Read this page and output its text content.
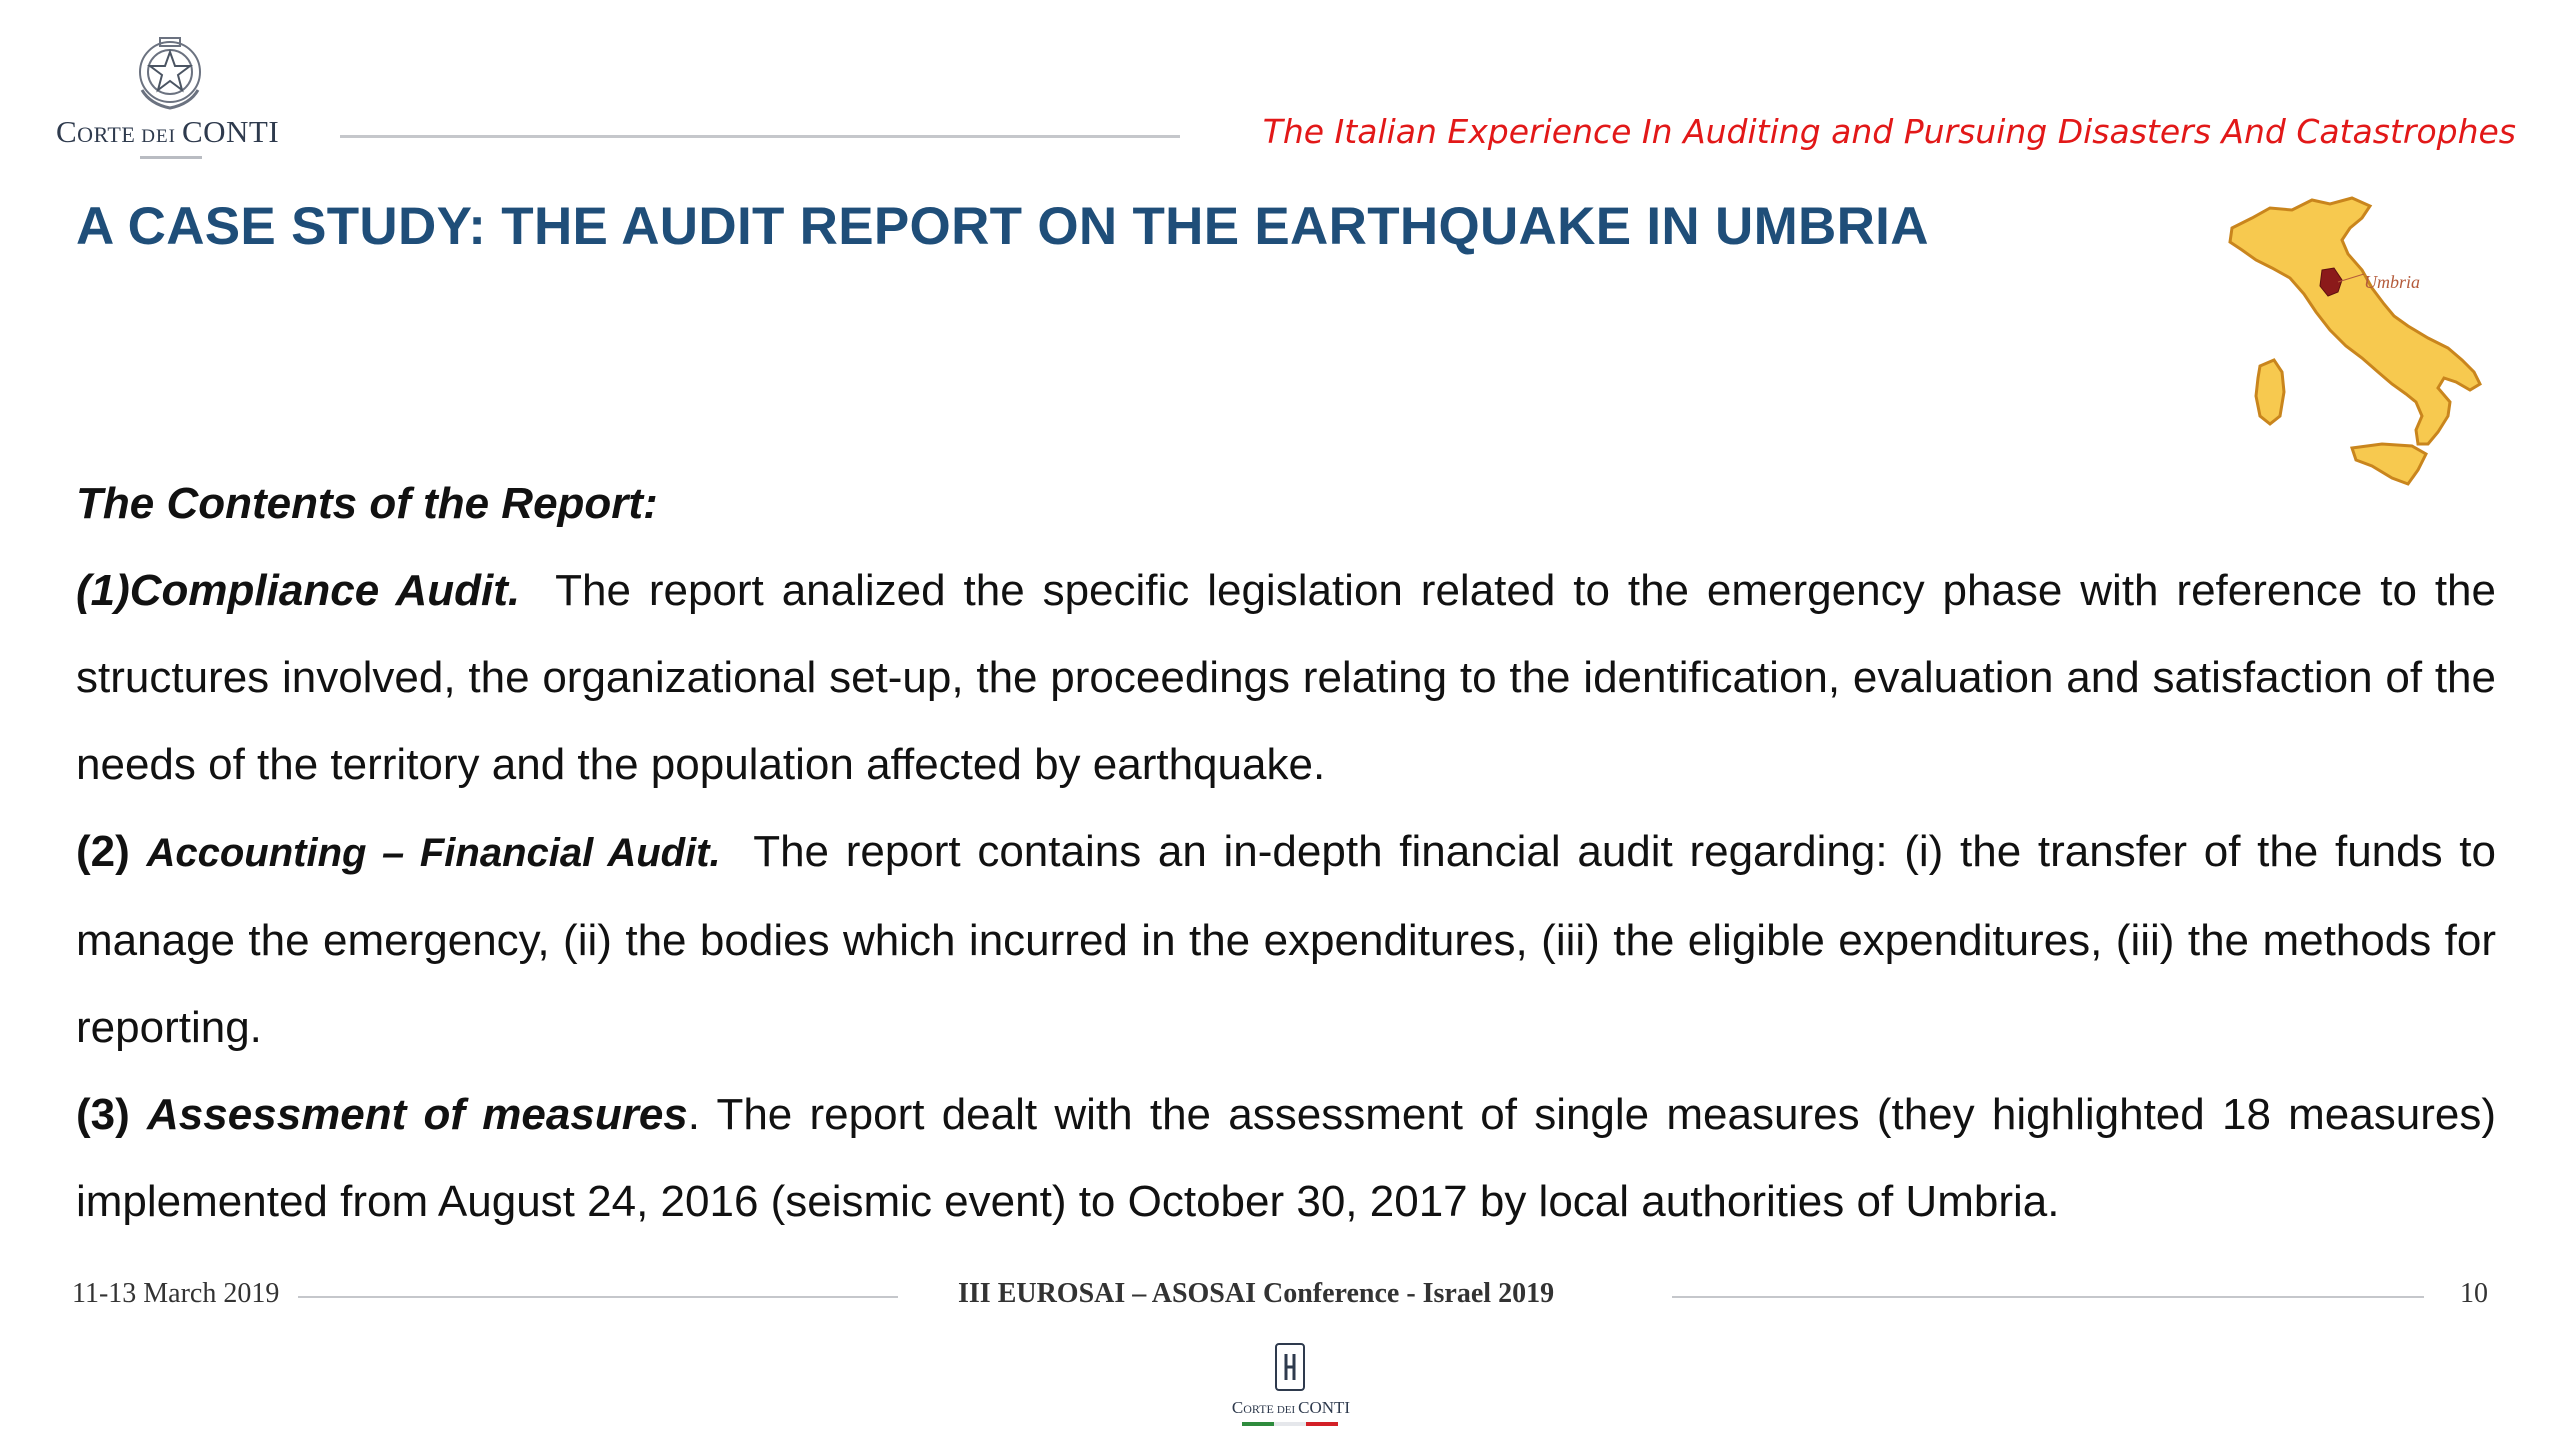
Corte DEI CONTI	The Italian Experience In Auditing and Pursuing Disasters And Catastrophes
A CASE STUDY: THE AUDIT REPORT ON THE EARTHQUAKE IN UMBRIA
Umbria

The Contents of the Report:

(1)Compliance Audit. The report analized the specific legislation related to the emergency phase with reference to the structures involved, the organizational set-up, the proceedings relating to the identification, evaluation and satisfaction of the needs of the territory and the population affected by earthquake.

(2) Accounting – Financial Audit. The report contains an in-depth financial audit regarding: (i) the transfer of the funds to manage the emergency, (ii) the bodies which incurred in the expenditures, (iii) the eligible expenditures, (iii) the methods for reporting.

(3) Assessment of measures. The report dealt with the assessment of single measures (they highlighted 18 measures) implemented from August 24, 2016 (seismic event) to October 30, 2017 by local authorities of Umbria.

11-13 March 2019	III EUROSAI – ASOSAI Conference - Israel 2019	10
Corte DEI CONTI
